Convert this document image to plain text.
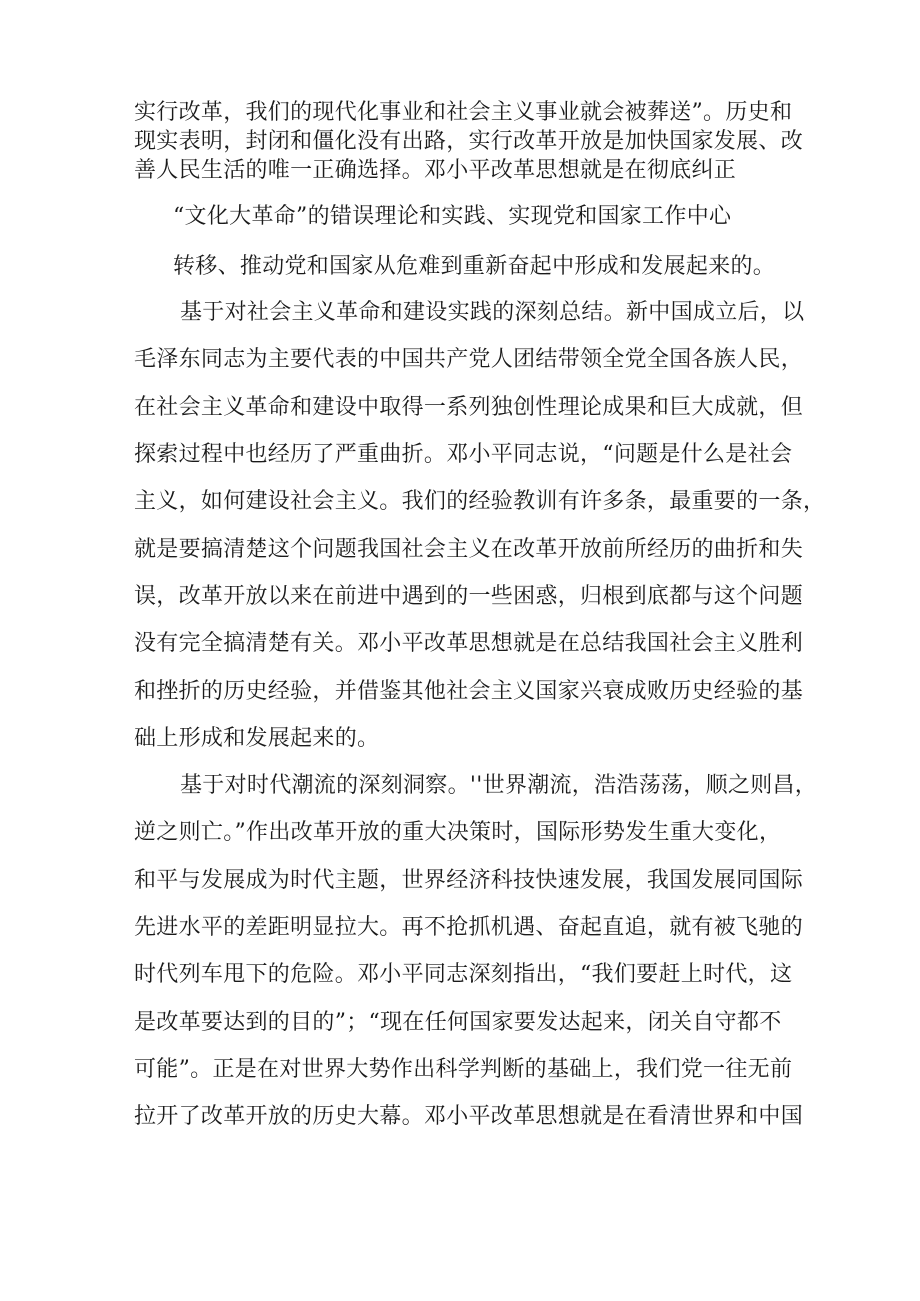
实行改革，我们的现代化事业和社会主义事业就会被葬送”。历史和
现实表明，封闭和僵化没有出路，实行改革开放是加快国家发展、改
善人民生活的唯一正确选择。邓小平改革思想就是在彻底纠正
“文化大革命”的错误理论和实践、实现党和国家工作中心
转移、推动党和国家从危难到重新奋起中形成和发展起来的。
基于对社会主义革命和建设实践的深刻总结。新中国成立后，以
毛泽东同志为主要代表的中国共产党人团结带领全党全国各族人民，
在社会主义革命和建设中取得一系列独创性理论成果和巨大成就，但
探索过程中也经历了严重曲折。邓小平同志说，“问题是什么是社会
主义，如何建设社会主义。我们的经验教训有许多条，最重要的一条，
就是要搞清楚这个问题我国社会主义在改革开放前所经历的曲折和失
误，改革开放以来在前进中遇到的一些困惑，归根到底都与这个问题
没有完全搞清楚有关。邓小平改革思想就是在总结我国社会主义胜利
和挫折的历史经验，并借鉴其他社会主义国家兴衰成败历史经验的基
础上形成和发展起来的。
基于对时代潮流的深刻洞察。''世界潮流，浩浩荡荡，顺之则昌，
逆之则亡。”作出改革开放的重大决策时，国际形势发生重大变化，
和平与发展成为时代主题，世界经济科技快速发展，我国发展同国际
先进水平的差距明显拉大。再不抢抓机遇、奋起直追，就有被飞驰的
时代列车甩下的危险。邓小平同志深刻指出，“我们要赶上时代，这
是改革要达到的目的”；“现在任何国家要发达起来，闭关自守都不
可能”。正是在对世界大势作出科学判断的基础上，我们党一往无前
拉开了改革开放的历史大幕。邓小平改革思想就是在看清世界和中国
